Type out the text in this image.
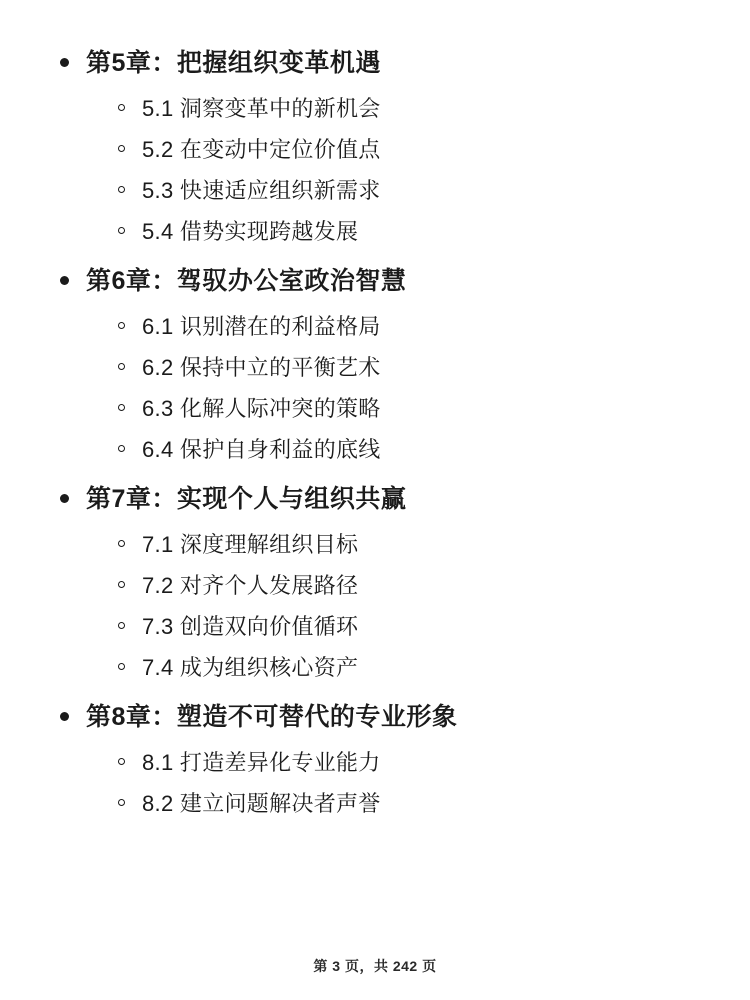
第5章：把握组织变革机遇
5.1 洞察变革中的新机会
5.2 在变动中定位价值点
5.3 快速适应组织新需求
5.4 借势实现跨越发展
第6章：驾驭办公室政治智慧
6.1 识别潜在的利益格局
6.2 保持中立的平衡艺术
6.3 化解人际冲突的策略
6.4 保护自身利益的底线
第7章：实现个人与组织共赢
7.1 深度理解组织目标
7.2 对齐个人发展路径
7.3 创造双向价值循环
7.4 成为组织核心资产
第8章：塑造不可替代的专业形象
8.1 打造差异化专业能力
8.2 建立问题解决者声誉
第 3 页，共 242 页
